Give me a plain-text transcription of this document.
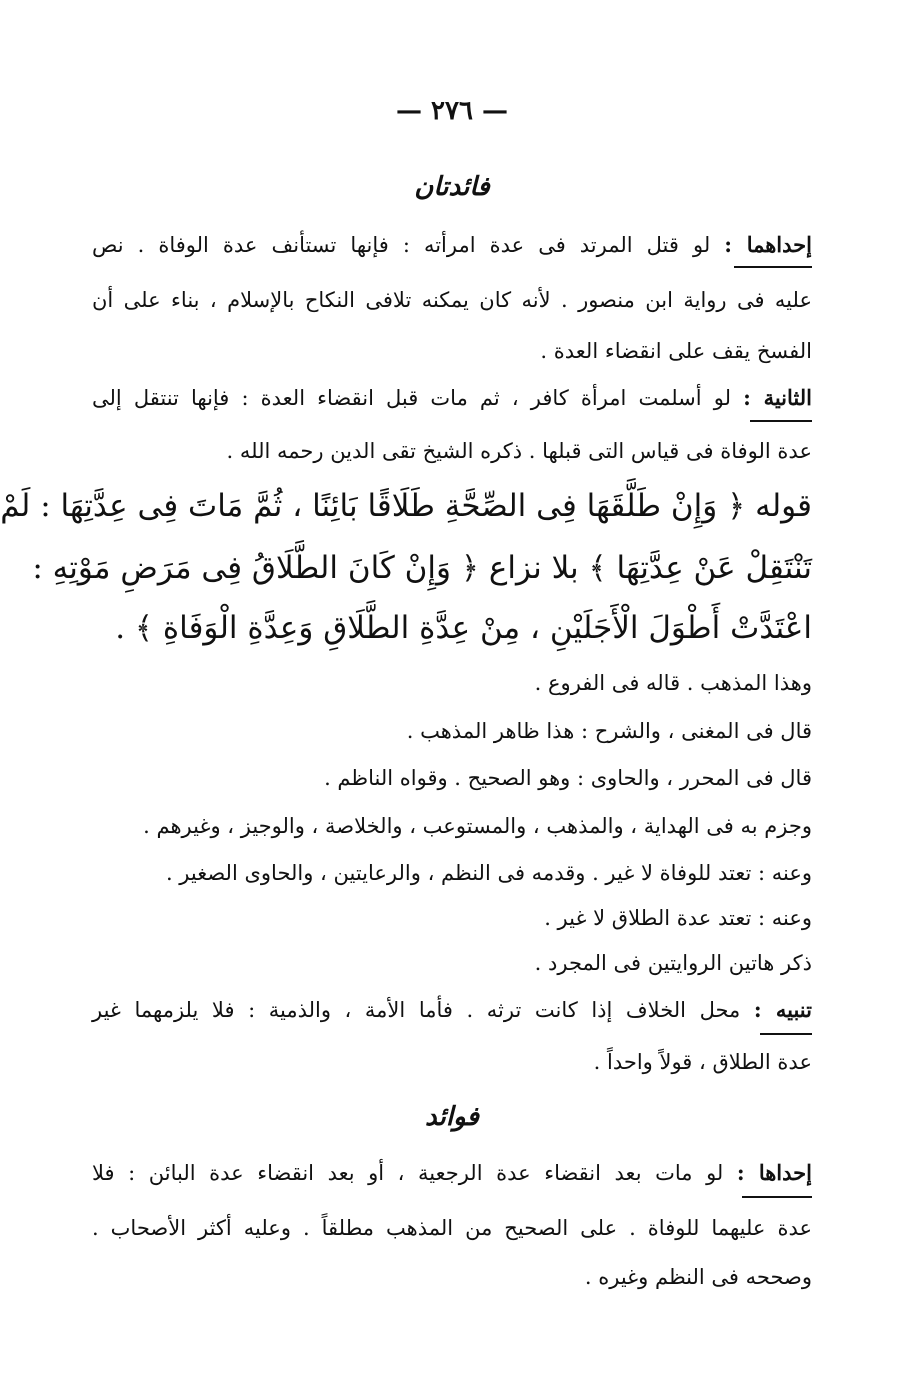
— ٢٧٦ —
فائدتان
إحداهما : لو قتل المرتد فى عدة امرأته : فإنها تستأنف عدة الوفاة . نص
عليه فى رواية ابن منصور . لأنه كان يمكنه تلافى النكاح بالإسلام ، بناء على أن
الفسخ يقف على انقضاء العدة .
الثانية : لو أسلمت امرأة كافر ، ثم مات قبل انقضاء العدة : فإنها تنتقل إلى
عدة الوفاة فى قياس التى قبلها . ذكره الشيخ تقى الدين رحمه الله .
قوله ﴿ وَإِنْ طَلَّقَهَا فِى الصِّحَّةِ طَلَاقًا بَائِنًا ، ثُمَّ مَاتَ فِى عِدَّتِهَا : لَمْ
تَنْتَقِلْ عَنْ عِدَّتِهَا ﴾ بلا نزاع ﴿ وَإِنْ كَانَ الطَّلَاقُ فِى مَرَضِ مَوْتِهِ :
اعْتَدَّتْ أَطْوَلَ الْأَجَلَيْنِ ، مِنْ عِدَّةِ الطَّلَاقِ وَعِدَّةِ الْوَفَاةِ ﴾ .
وهذا المذهب . قاله فى الفروع .
قال فى المغنى ، والشرح : هذا ظاهر المذهب .
قال فى المحرر ، والحاوى : وهو الصحيح . وقواه الناظم .
وجزم به فى الهداية ، والمذهب ، والمستوعب ، والخلاصة ، والوجيز ، وغيرهم .
وعنه : تعتد للوفاة لا غير . وقدمه فى النظم ، والرعايتين ، والحاوى الصغير .
وعنه : تعتد عدة الطلاق لا غير .
ذكر هاتين الروايتين فى المجرد .
تنبيه : محل الخلاف إذا كانت ترثه . فأما الأمة ، والذمية : فلا يلزمهما غير
عدة الطلاق ، قولاً واحداً .
فوائد
إحداها : لو مات بعد انقضاء عدة الرجعية ، أو بعد انقضاء عدة البائن : فلا
عدة عليهما للوفاة . على الصحيح من المذهب مطلقاً . وعليه أكثر الأصحاب .
وصححه فى النظم وغيره .
